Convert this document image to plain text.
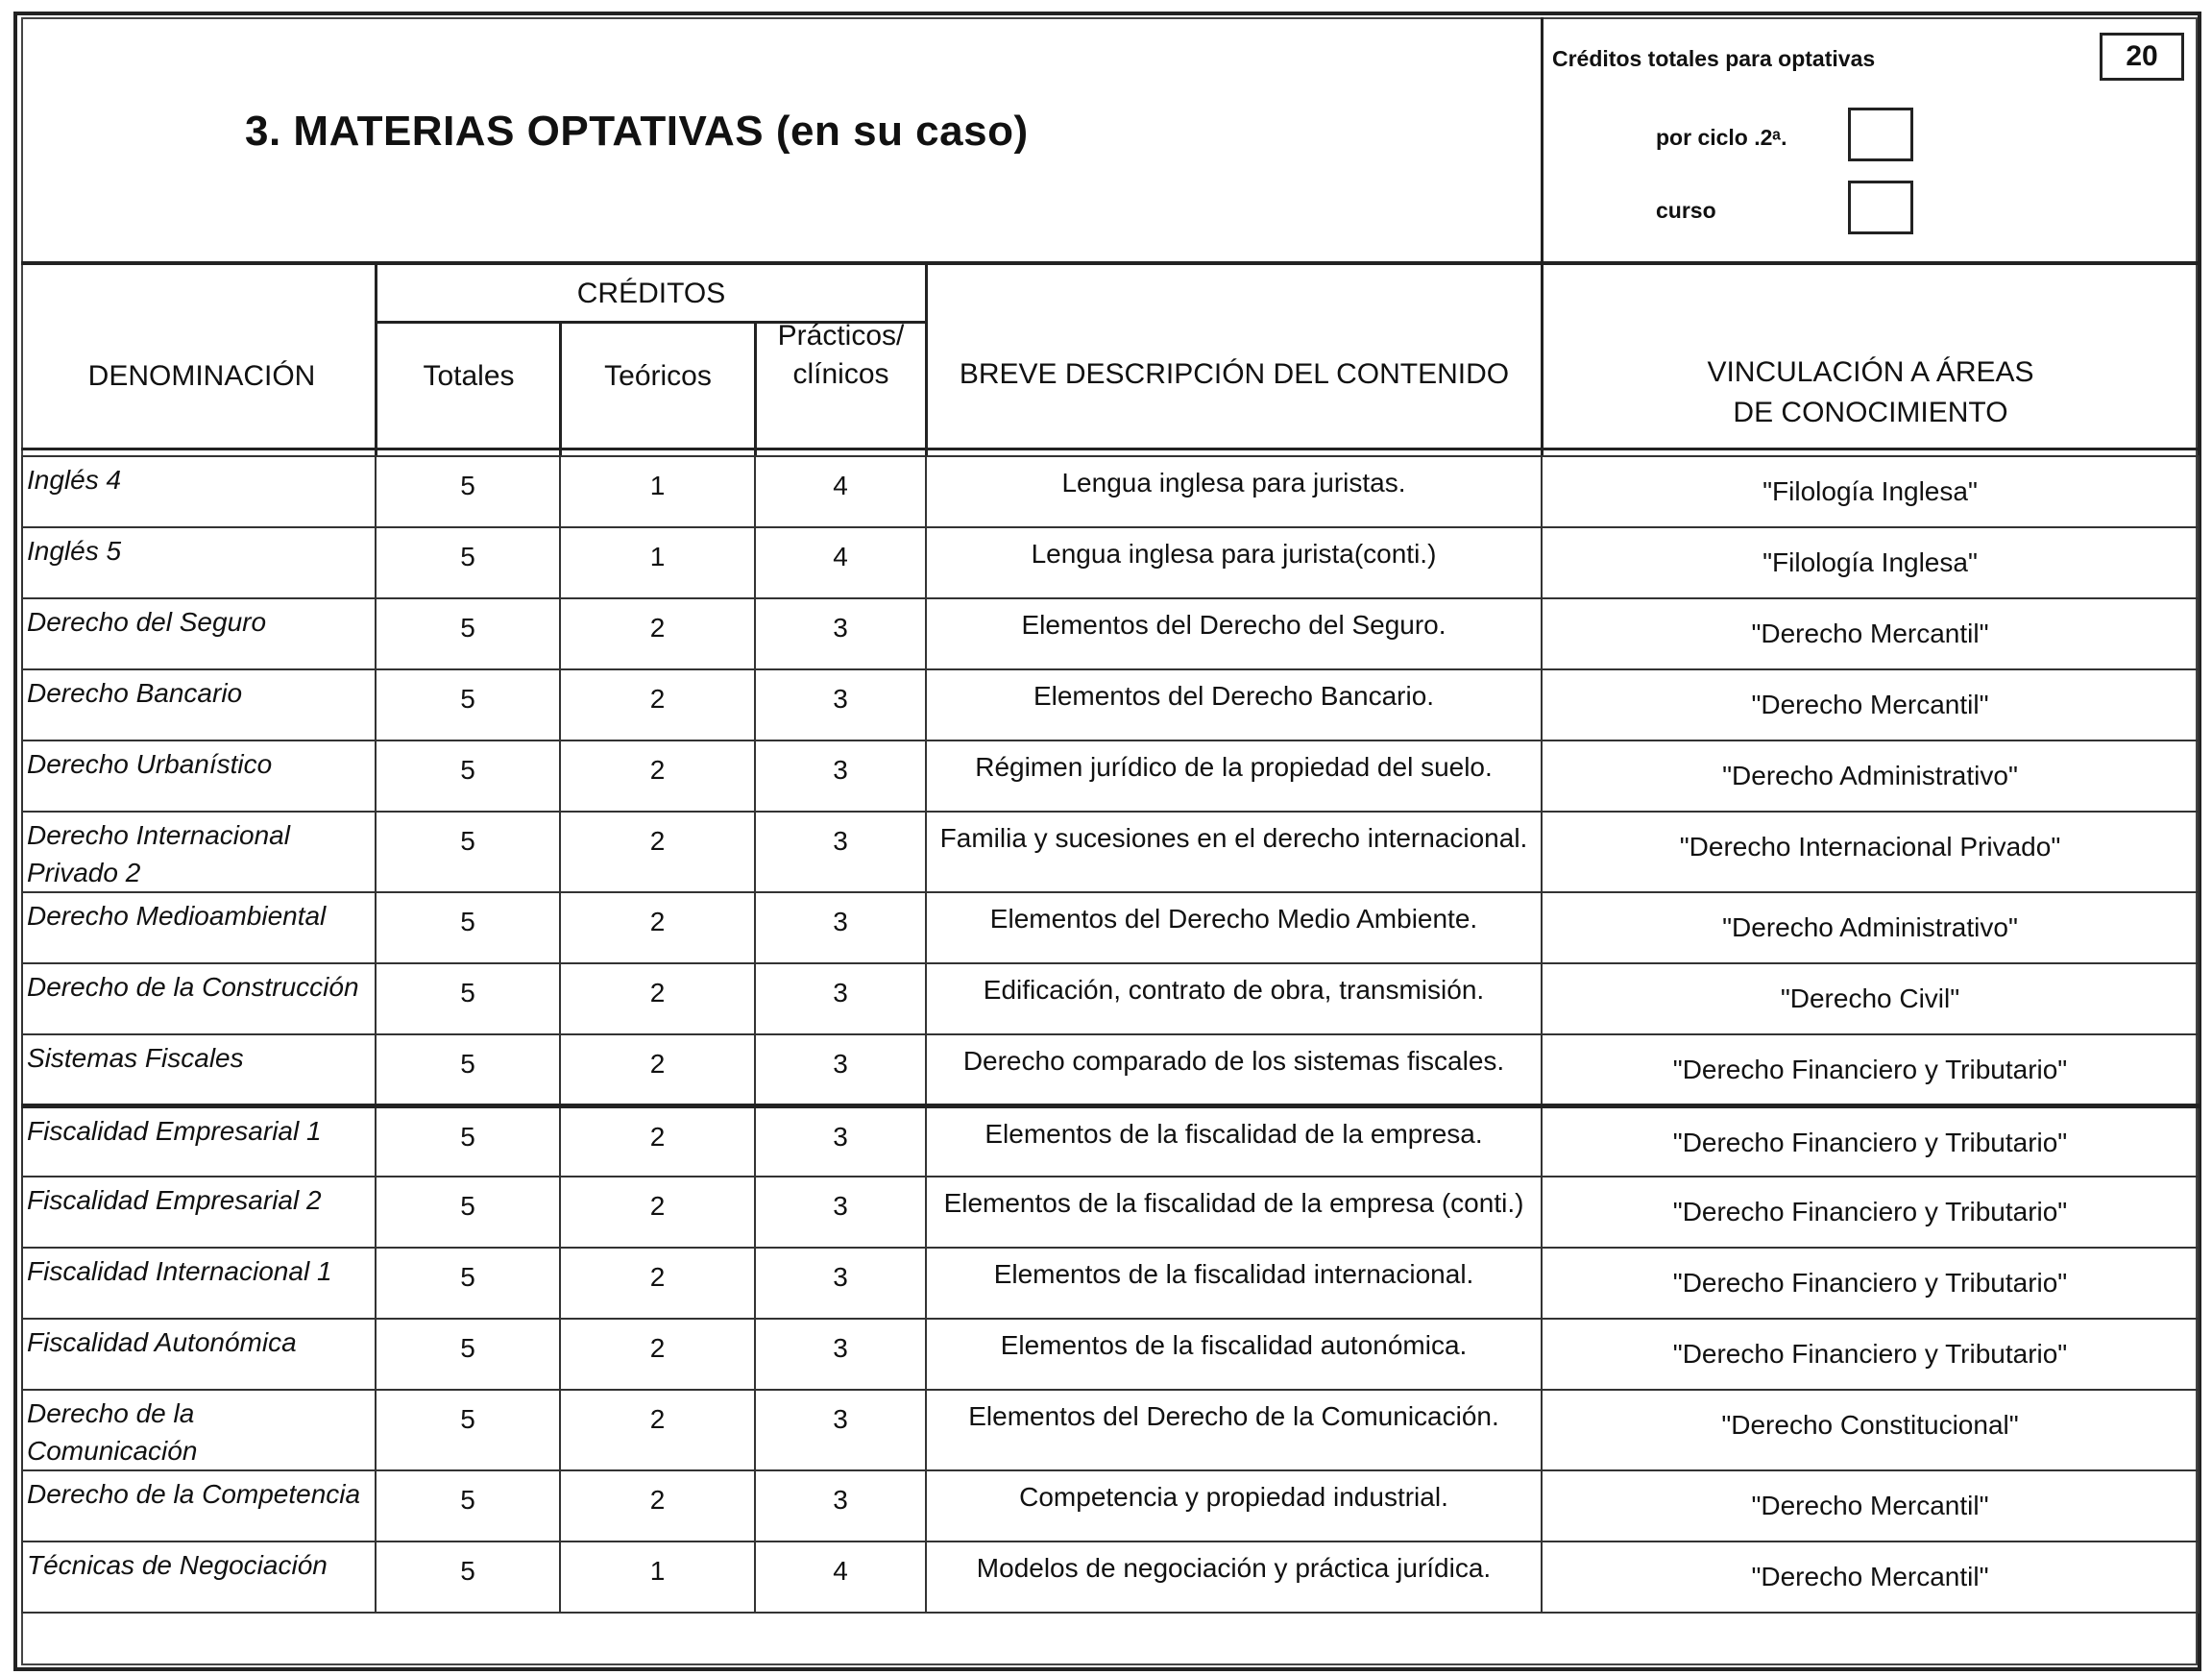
3. MATERIAS OPTATIVAS (en su caso)
Créditos totales para optativas	20
por ciclo .2ᵃ.
curso
CRÉDITOS
DENOMINACIÓN	Totales	Teóricos
Prácticos/
clínicos	BREVE DESCRIPCIÓN DEL CONTENIDO	VINCULACIÓN A ÁREAS
DE CONOCIMIENTO
Inglés 4	5	1	4	Lengua inglesa para juristas.	"Filología Inglesa"
Inglés 5	5	1	4	Lengua inglesa para jurista(conti.)	"Filología Inglesa"
Derecho del Seguro	5	2	3	Elementos del Derecho del Seguro.	"Derecho Mercantil"
Derecho Bancario	5	2	3	Elementos del Derecho Bancario.	"Derecho Mercantil"
Derecho Urbanístico	5	2	3	Régimen jurídico de la propiedad del suelo.	"Derecho Administrativo"
Derecho Internacional Privado 2	5	2	3	Familia y sucesiones en el derecho internacional.	"Derecho Internacional Privado"
Derecho Medioambiental	5	2	3	Elementos del Derecho Medio Ambiente.	"Derecho Administrativo"
Derecho de la Construcción	5	2	3	Edificación, contrato de obra, transmisión.	"Derecho Civil"
Sistemas Fiscales	5	2	3	Derecho comparado de los sistemas fiscales.	"Derecho Financiero y Tributario"
Fiscalidad Empresarial 1	5	2	3	Elementos de la fiscalidad de la empresa.	"Derecho Financiero y Tributario"
Fiscalidad Empresarial 2	5	2	3	Elementos de la fiscalidad de la empresa (conti.)	"Derecho Financiero y Tributario"
Fiscalidad Internacional 1	5	2	3	Elementos de la fiscalidad internacional.	"Derecho Financiero y Tributario"
Fiscalidad Autonómica	5	2	3	Elementos de la fiscalidad autonómica.	"Derecho Financiero y Tributario"
Derecho de la Comunicación	5	2	3	Elementos del Derecho de la Comunicación.	"Derecho Constitucional"
Derecho de la Competencia	5	2	3	Competencia y propiedad industrial.	"Derecho Mercantil"
Técnicas de Negociación	5	1	4	Modelos de negociación y práctica jurídica.	"Derecho Mercantil"
